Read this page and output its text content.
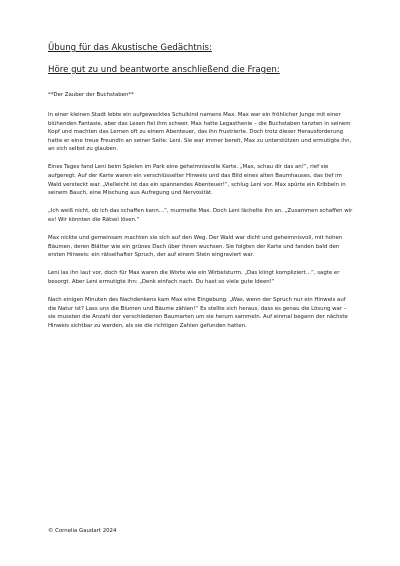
Übung für das Akustische Gedächtnis:

Höre gut zu und beantworte anschließend die Fragen:

**Der Zauber der Buchstaben**

In einer kleinen Stadt lebte ein aufgewecktes Schulkind namens Max. Max war ein fröhlicher Junge mit einer blühenden Fantasie, aber das Lesen fiel ihm schwer. Max hatte Legasthenie – die Buchstaben tanzten in seinem Kopf und machten das Lernen oft zu einem Abenteuer, das ihn frustrierte. Doch trotz dieser Herausforderung hatte er eine treue Freundin an seiner Seite: Leni. Sie war immer bereit, Max zu unterstützen und ermutigte ihn, an sich selbst zu glauben.

Eines Tages fand Leni beim Spielen im Park eine geheimnisvolle Karte. „Max, schau dir das an!“, rief sie aufgeregt. Auf der Karte waren ein verschlüsselter Hinweis und das Bild eines alten Baumhauses, das tief im Wald versteckt war. „Vielleicht ist das ein spannendes Abenteuer!“, schlug Leni vor. Max spürte ein Kribbeln in seinem Bauch, eine Mischung aus Aufregung und Nervosität.

„Ich weiß nicht, ob ich das schaffen kann…“, murmelte Max. Doch Leni lächelte ihn an. „Zusammen schaffen wir es! Wir könnten die Rätsel lösen.“

Max nickte und gemeinsam machten sie sich auf den Weg. Der Wald war dicht und geheimnisvoll, mit hohen Bäumen, deren Blätter wie ein grünes Dach über ihnen wuchsen. Sie folgten der Karte und fanden bald den ersten Hinweis: ein rätselhafter Spruch, der auf einem Stein eingraviert war.

Leni las ihn laut vor, doch für Max waren die Worte wie ein Wirbelsturm. „Das klingt kompliziert…“, sagte er besorgt. Aber Leni ermutigte ihn: „Denk einfach nach. Du hast so viele gute Ideen!“

Nach einigen Minuten des Nachdenkens kam Max eine Eingebung. „Was, wenn der Spruch nur ein Hinweis auf die Natur ist? Lass uns die Blumen und Bäume zählen!“ Es stellte sich heraus, dass es genau die Lösung war – sie mussten die Anzahl der verschiedenen Baumarten um sie herum sammeln. Auf einmal begann der nächste Hinweis sichtbar zu werden, als sie die richtigen Zahlen gefunden hatten.

© Cornelia Gaudart 2024
